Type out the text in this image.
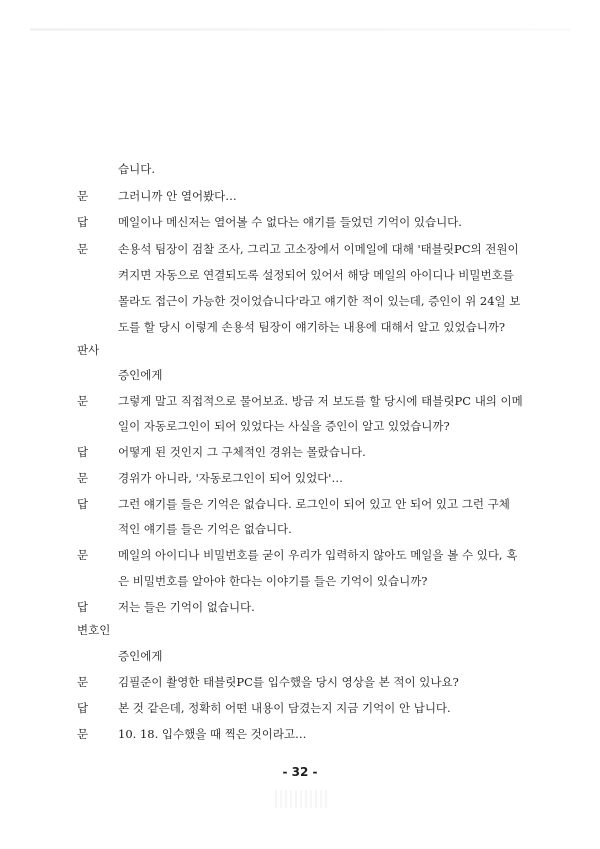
습니다.
문	그러니까 안 열어봤다…
답	메일이나 메신저는 열어볼 수 없다는 얘기를 들었던 기억이 있습니다.
문	손용석 팀장이 검찰 조사, 그리고 고소장에서 이메일에 대해 '태블릿PC의 전원이
켜지면 자동으로 연결되도록 설정되어 있어서 해당 메일의 아이디나 비밀번호를
몰라도 접근이 가능한 것이었습니다'라고 얘기한 적이 있는데, 증인이 위 24일 보
도를 할 당시 이렇게 손용석 팀장이 얘기하는 내용에 대해서 알고 있었습니까?
판사
증인에게
문	그렇게 말고 직접적으로 물어보죠. 방금 저 보도를 할 당시에 태블릿PC 내의 이메
일이 자동로그인이 되어 있었다는 사실을 증인이 알고 있었습니까?
답	어떻게 된 것인지 그 구체적인 경위는 몰랐습니다.
문	경위가 아니라, '자동로그인이 되어 있었다'…
답	그런 얘기를 들은 기억은 없습니다. 로그인이 되어 있고 안 되어 있고 그런 구체
적인 얘기를 들은 기억은 없습니다.
문	메일의 아이디나 비밀번호를 굳이 우리가 입력하지 않아도 메일을 볼 수 있다, 혹
은 비밀번호를 알아야 한다는 이야기를 들은 기억이 있습니까?
답	저는 들은 기억이 없습니다.
변호인
증인에게
문	김필준이 촬영한 태블릿PC를 입수했을 당시 영상을 본 적이 있나요?
답	본 것 같은데, 정확히 어떤 내용이 담겼는지 지금 기억이 안 납니다.
문	10. 18. 입수했을 때 찍은 것이라고…
- 32 -
